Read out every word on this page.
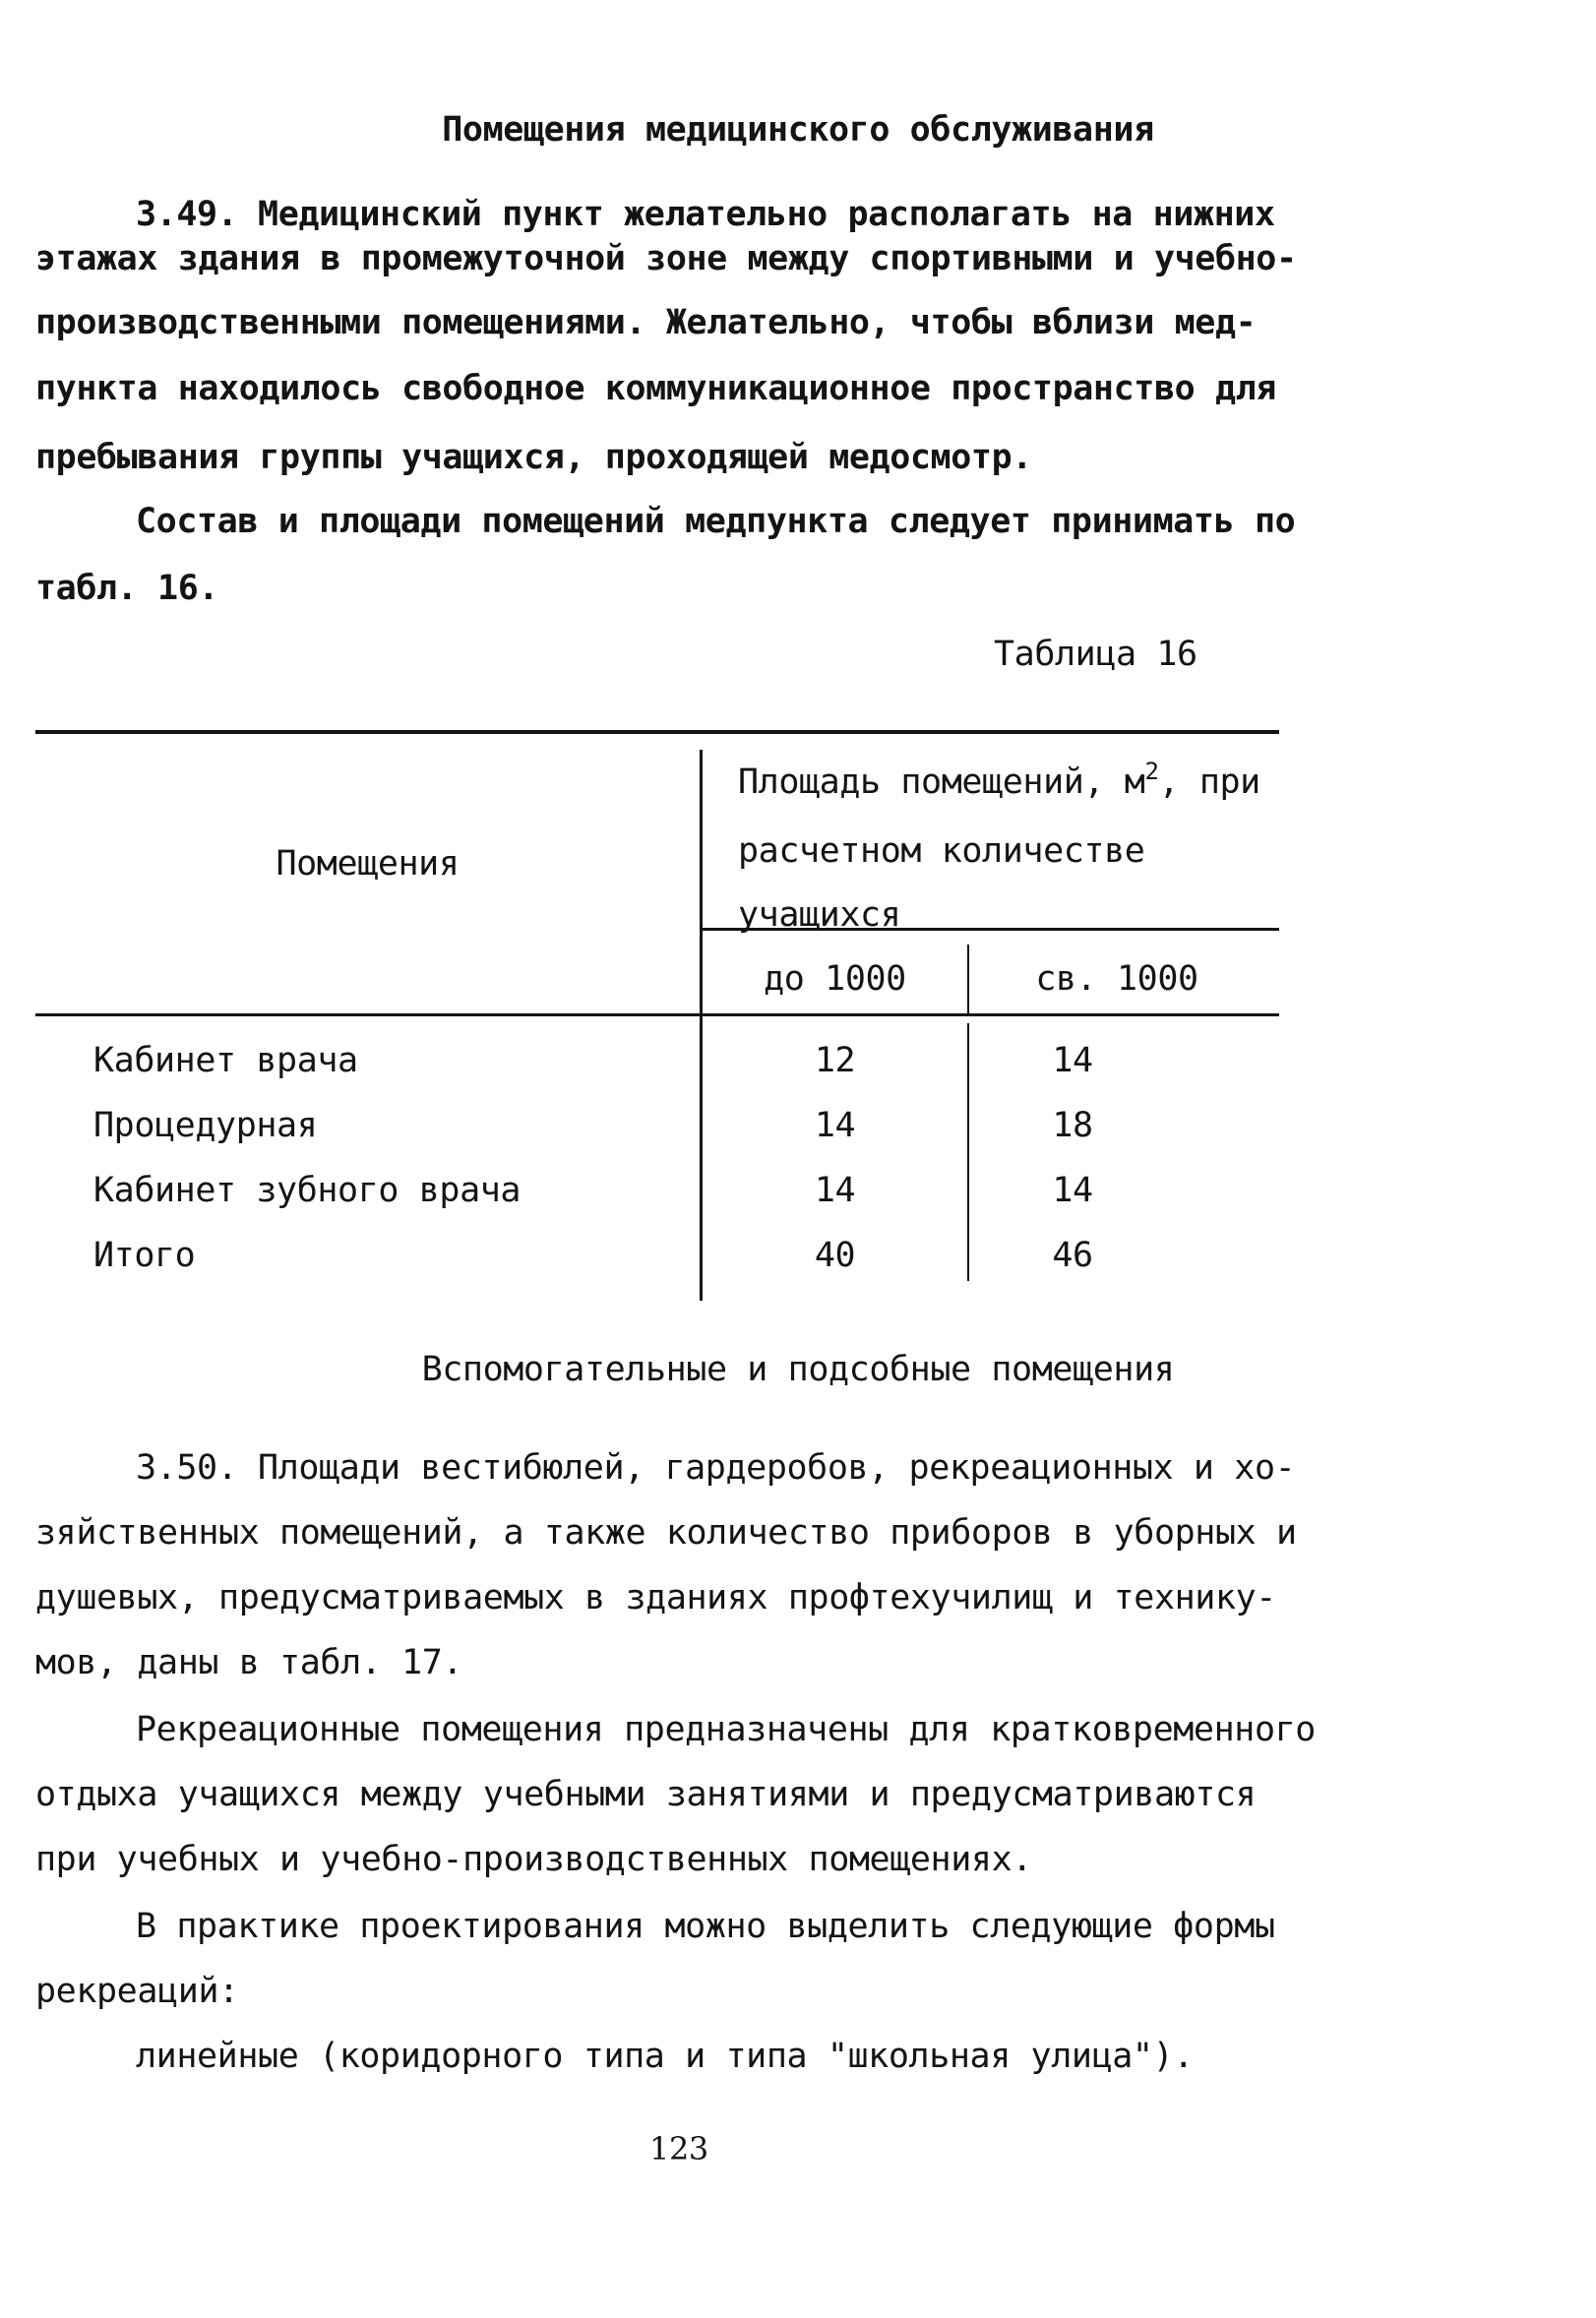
Помещения медицинского обслуживания
3.49. Медицинский пункт желательно располагать на нижних
этажах здания в промежуточной зоне между спортивными и учебно-
производственными помещениями. Желательно, чтобы вблизи мед-
пункта находилось свободное коммуникационное пространство для
пребывания группы учащихся, проходящей медосмотр.
Состав и площади помещений медпункта следует принимать по
табл. 16.
Таблица 16
Помещения
Площадь помещений, $м^2$, при
расчетном количестве
учащихся
до 1000	св. 1000
Кабинет врача	12	14
Процедурная	14	18
Кабинет зубного врача	14	14
Итого	40	46
Вспомогательные и подсобные помещения
3.50. Площади вестибюлей, гардеробов, рекреационных и хо-
зяйственных помещений, а также количество приборов в уборных и
душевых, предусматриваемых в зданиях профтехучилищ и технику-
мов, даны в табл. 17.
Рекреационные помещения предназначены для кратковременного
отдыха учащихся между учебными занятиями и предусматриваются
при учебных и учебно-производственных помещениях.
В практике проектирования можно выделить следующие формы
рекреаций:
линейные (коридорного типа и типа "школьная улица").
123
